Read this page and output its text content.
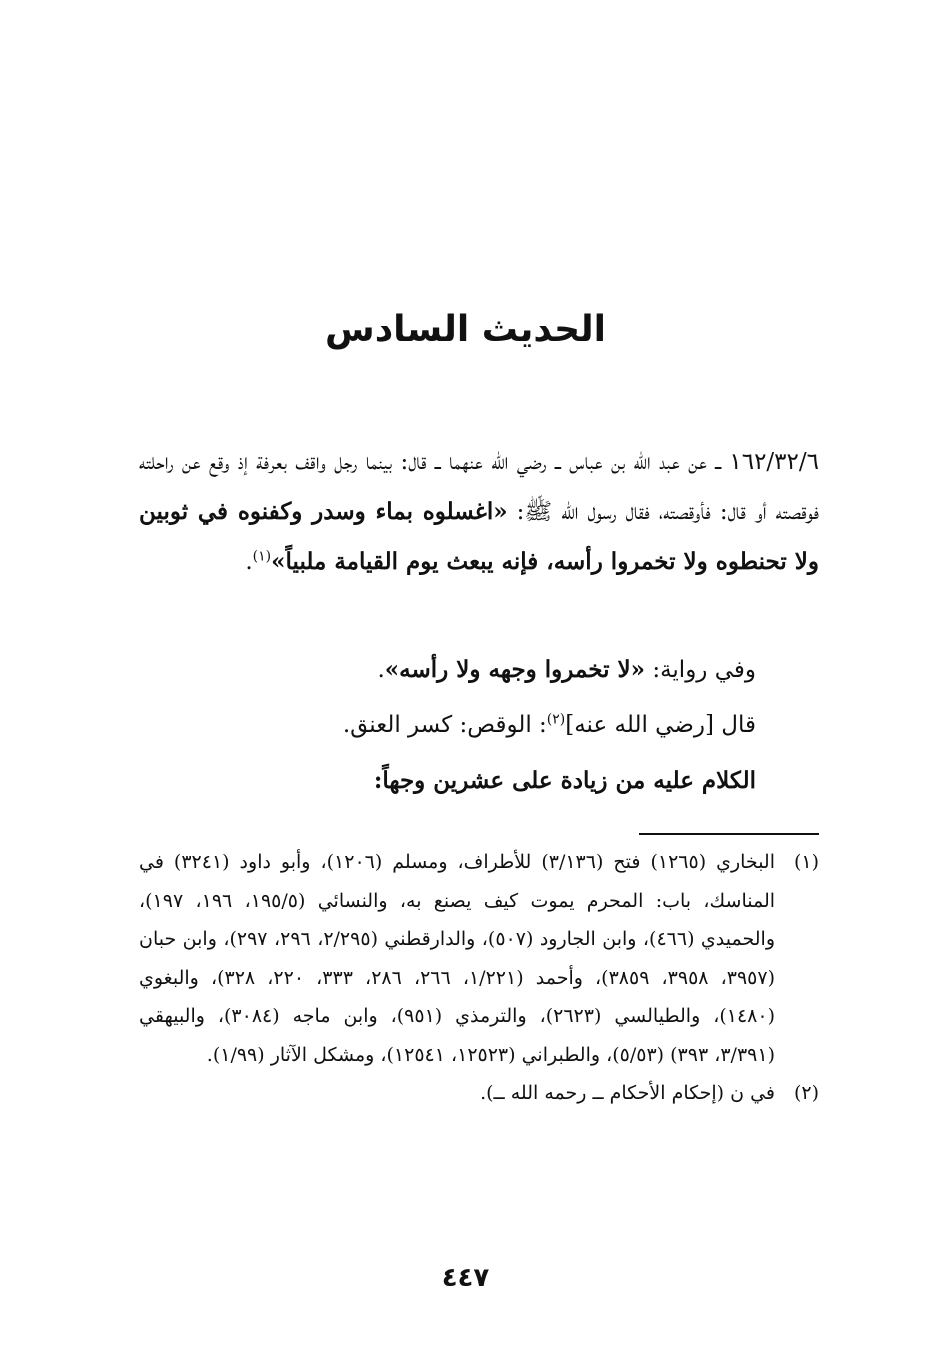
الحديث السادس

١٦٢/٣٢/٦ ــ عن عبد الله بن عباس ــ رضي الله عنهما ــ قال: بينما رجل واقف بعرفة إذ وقع عن راحلته فوقصته أو قال: فأوقصته، فقال رسول الله ﷺ: «اغسلوه بماء وسدر وكفنوه في ثوبين ولا تحنطوه ولا تخمروا رأسه، فإنه يبعث يوم القيامة ملبياً»$^{(١)}$.

وفي رواية: «لا تخمروا وجهه ولا رأسه».
قال [رضي الله عنه]$^{(٢)}$: الوقص: كسر العنق.
الكلام عليه من زيادة على عشرين وجهاً:
(١)
البخاري (١٢٦٥) فتح (٣/١٣٦) للأطراف، ومسلم (١٢٠٦)، وأبو داود (٣٢٤١) في المناسك، باب: المحرم يموت كيف يصنع به، والنسائي (١٩٥/٥، ١٩٦، ١٩٧)، والحميدي (٤٦٦)، وابن الجارود (٥٠٧)، والدارقطني (٢/٢٩٥، ٢٩٦، ٢٩٧)، وابن حبان (٣٩٥٧، ٣٩٥٨، ٣٨٥٩)، وأحمد (١/٢٢١، ٢٦٦، ٢٨٦، ٣٣٣، ٢٢٠، ٣٢٨)، والبغوي (١٤٨٠)، والطيالسي (٢٦٢٣)، والترمذي (٩٥١)، وابن ماجه (٣٠٨٤)، والبيهقي (٣/٣٩١، ٣٩٣) (٥/٥٣)، والطبراني (١٢٥٢٣، ١٢٥٤١)، ومشكل الآثار (١/٩٩).
(٢)
في ن (إحكام الأحكام ــ رحمه الله ــ).
٤٤٧
